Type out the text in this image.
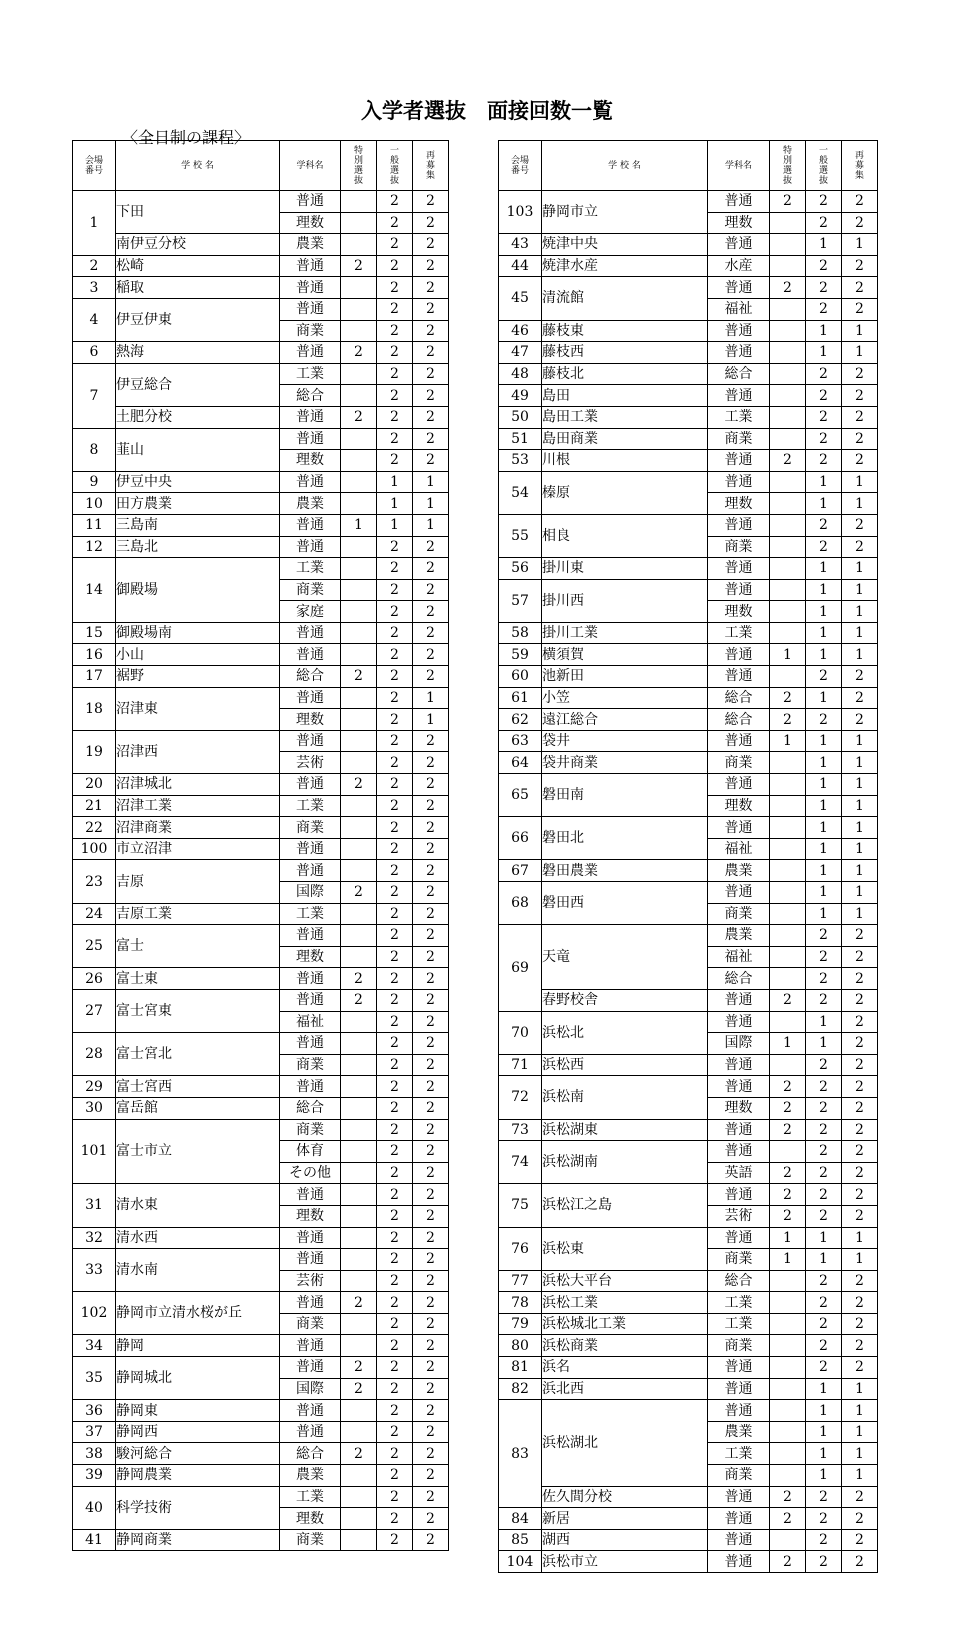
入学者選抜　面接回数一覧
〈全日制の課程〉
会場
番号	学 校 名	学科名	特
別
選
抜	一
般
選
抜	再
募
集
1	下田	普通		2	2
		理数		2	2
	南伊豆分校	農業		2	2
2	松崎	普通	2	2	2
3	稲取	普通		2	2
4	伊豆伊東	普通		2	2
		商業		2	2
6	熱海	普通	2	2	2
7	伊豆総合	工業		2	2
		総合		2	2
	土肥分校	普通	2	2	2
8	韮山	普通		2	2
		理数		2	2
9	伊豆中央	普通		1	1
10	田方農業	農業		1	1
11	三島南	普通	1	1	1
12	三島北	普通		2	2
14	御殿場	工業		2	2
		商業		2	2
		家庭		2	2
15	御殿場南	普通		2	2
16	小山	普通		2	2
17	裾野	総合	2	2	2
18	沼津東	普通		2	1
		理数		2	1
19	沼津西	普通		2	2
		芸術		2	2
20	沼津城北	普通	2	2	2
21	沼津工業	工業		2	2
22	沼津商業	商業		2	2
100	市立沼津	普通		2	2
23	吉原	普通		2	2
		国際	2	2	2
24	吉原工業	工業		2	2
25	富士	普通		2	2
		理数		2	2
26	富士東	普通	2	2	2
27	富士宮東	普通	2	2	2
		福祉		2	2
28	富士宮北	普通		2	2
		商業		2	2
29	富士宮西	普通		2	2
30	富岳館	総合		2	2
101	富士市立	商業		2	2
		体育		2	2
		その他		2	2
31	清水東	普通		2	2
		理数		2	2
32	清水西	普通		2	2
33	清水南	普通		2	2
		芸術		2	2
102	静岡市立清水桜が丘	普通	2	2	2
		商業		2	2
34	静岡	普通		2	2
35	静岡城北	普通	2	2	2
		国際	2	2	2
36	静岡東	普通		2	2
37	静岡西	普通		2	2
38	駿河総合	総合	2	2	2
39	静岡農業	農業		2	2
40	科学技術	工業		2	2
		理数		2	2
41	静岡商業	商業		2	2
会場
番号	学 校 名	学科名	特
別
選
抜	一
般
選
抜	再
募
集
103	静岡市立	普通	2	2	2
		理数		2	2
43	焼津中央	普通		1	1
44	焼津水産	水産		2	2
45	清流館	普通	2	2	2
		福祉		2	2
46	藤枝東	普通		1	1
47	藤枝西	普通		1	1
48	藤枝北	総合		2	2
49	島田	普通		2	2
50	島田工業	工業		2	2
51	島田商業	商業		2	2
53	川根	普通	2	2	2
54	榛原	普通		1	1
		理数		1	1
55	相良	普通		2	2
		商業		2	2
56	掛川東	普通		1	1
57	掛川西	普通		1	1
		理数		1	1
58	掛川工業	工業		1	1
59	横須賀	普通	1	1	1
60	池新田	普通		2	2
61	小笠	総合	2	1	2
62	遠江総合	総合	2	2	2
63	袋井	普通	1	1	1
64	袋井商業	商業		1	1
65	磐田南	普通		1	1
		理数		1	1
66	磐田北	普通		1	1
		福祉		1	1
67	磐田農業	農業		1	1
68	磐田西	普通		1	1
		商業		1	1
69	天竜	農業		2	2
		福祉		2	2
		総合		2	2
	春野校舎	普通	2	2	2
70	浜松北	普通		1	2
		国際	1	1	2
71	浜松西	普通		2	2
72	浜松南	普通	2	2	2
		理数	2	2	2
73	浜松湖東	普通	2	2	2
74	浜松湖南	普通		2	2
		英語	2	2	2
75	浜松江之島	普通	2	2	2
		芸術	2	2	2
76	浜松東	普通	1	1	1
		商業	1	1	1
77	浜松大平台	総合		2	2
78	浜松工業	工業		2	2
79	浜松城北工業	工業		2	2
80	浜松商業	商業		2	2
81	浜名	普通		2	2
82	浜北西	普通		1	1
83	浜松湖北	普通		1	1
		農業		1	1
		工業		1	1
		商業		1	1
	佐久間分校	普通	2	2	2
84	新居	普通	2	2	2
85	湖西	普通		2	2
104	浜松市立	普通	2	2	2
